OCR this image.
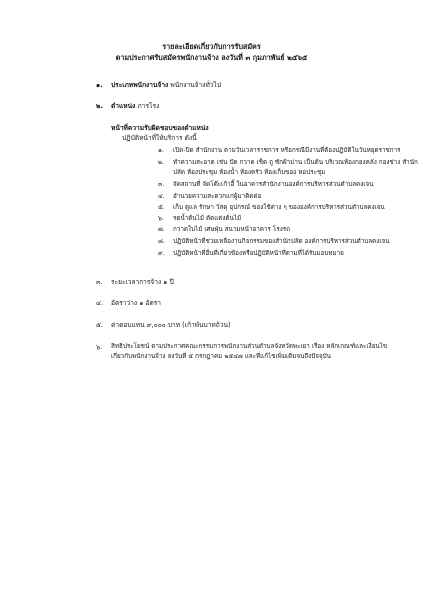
รายละเอียดเกี่ยวกับการรับสมัคร
ตามประกาศรับสมัครพนักงานจ้าง ลงวันที่ ๓ กุมภาพันธ์ ๒๕๖๕
๑. ประเภทพนักงานจ้าง พนักงานจ้างทั่วไป
๒. ตำแหน่ง ภารโรง
หน้าที่ความรับผิดชอบของตำแหน่ง
ปฏิบัติหน้าที่ให้บริการ ดังนี้
๑. เปิด-ปิด สำนักงาน ตามวันเวลาราชการ หรือกรณีมีงานที่ต้องปฏิบัติในวันหยุดราชการ
๒. ทำความสะอาด เช่น ปัด กวาด เช็ด ถู ซักผ้าม่าน เป็นต้น บริเวณห้องกองคลัง กองช่าง สำนัก
ปลัด ห้องประชุม ห้องน้ำ ห้องครัว ห้องเก็บของ หอประชุม
๓. จัดสถานที่ จัดโต๊ะเก้าอี้ ในอาคารสำนักงานองค์การบริหารส่วนตำบลคงเจน
๔. อำนวยความสะดวกแก่ผู้มาติดต่อ
๕. เก็บ ดูแล รักษา วัสดุ อุปกรณ์ ของใช้ต่าง ๆ ขององค์การบริหารส่วนตำบลคงเจน
๖. รดน้ำต้นไม้ ตัดแต่งต้นไม้
๗. กวาดใบไม้ เศษฝุ่น สนามหน้าอาคาร โรงรถ
๘. ปฏิบัติหน้าที่ช่วยเหลืองานกิจกรรมของสำนักปลัด องค์การบริหารส่วนตำบลคงเจน
๙. ปฏิบัติหน้าที่อื่นที่เกี่ยวข้องหรือปฏิบัติหน้าที่ตามที่ได้รับมอบหมาย
๓. ระยะเวลาการจ้าง ๑ ปี
๔. อัตราว่าง ๑ อัตรา
๕. ค่าตอบแทน ๙,๐๐๐ บาท (เก้าพันบาทถ้วน)
๖. สิทธิประโยชน์ ตามประกาศคณะกรรมการพนักงานส่วนตำบลจังหวัดพะเยา เรื่อง หลักเกณฑ์และเงื่อนไข
เกี่ยวกับพนักงานจ้าง ลงวันที่ ๕ กรกฎาคม ๒๕๔๗ และที่แก้ไขเพิ่มเติมจนถึงปัจจุบัน
